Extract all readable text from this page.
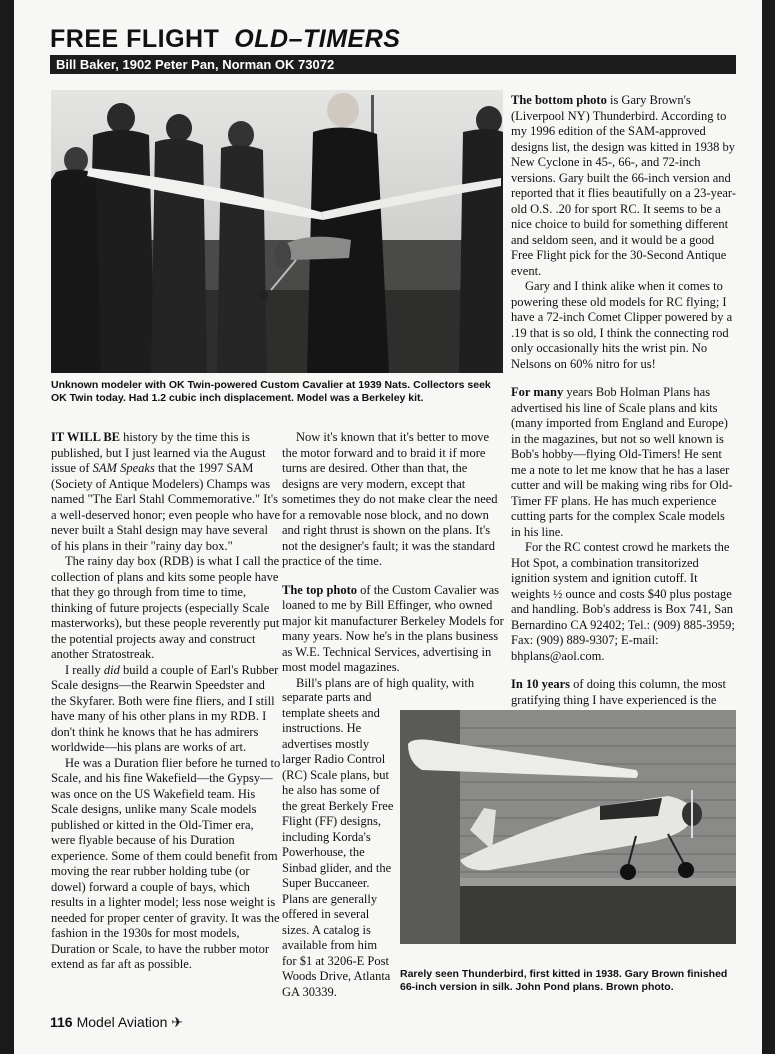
FREE FLIGHT OLD–TIMERS
Bill Baker, 1902 Peter Pan, Norman OK 73072
Unknown modeler with OK Twin-powered Custom Cavalier at 1939 Nats. Collectors seek OK Twin today. Had 1.2 cubic inch displacement. Model was a Berkeley kit.

IT WILL BE history by the time this is published, but I just learned via the August issue of SAM Speaks that the 1997 SAM (Society of Antique Modelers) Champs was named "The Earl Stahl Commemorative." It's a well-deserved honor; even people who have never built a Stahl design may have several of his plans in their "rainy day box."

The rainy day box (RDB) is what I call the collection of plans and kits some people have that they go through from time to time, thinking of future projects (especially Scale masterworks), but these people reverently put the potential projects away and construct another Stratostreak.

I really did build a couple of Earl's Rubber Scale designs—the Rearwin Speedster and the Skyfarer. Both were fine fliers, and I still have many of his other plans in my RDB. I don't think he knows that he has admirers worldwide—his plans are works of art.

He was a Duration flier before he turned to Scale, and his fine Wakefield—the Gypsy—was once on the US Wakefield team. His Scale designs, unlike many Scale models published or kitted in the Old-Timer era, were flyable because of his Duration experience. Some of them could benefit from moving the rear rubber holding tube (or dowel) forward a couple of bays, which results in a lighter model; less nose weight is needed for proper center of gravity. It was the fashion in the 1930s for most models, Duration or Scale, to have the rubber motor extend as far aft as possible.

Now it's known that it's better to move the motor forward and to braid it if more turns are desired. Other than that, the designs are very modern, except that sometimes they do not make clear the need for a removable nose block, and no down and right thrust is shown on the plans. It's not the designer's fault; it was the standard practice of the time.

The top photo of the Custom Cavalier was loaned to me by Bill Effinger, who owned major kit manufacturer Berkeley Models for many years. Now he's in the plans business as W.E. Technical Services, advertising in most model magazines.

Bill's plans are of high quality, with

separate parts and template sheets and instructions. He advertises mostly larger Radio Control (RC) Scale plans, but he also has some of the great Berkely Free Flight (FF) designs, including Korda's Powerhouse, the Sinbad glider, and the Super Buccaneer. Plans are generally offered in several sizes. A catalog is available from him for $1 at 3206-E Post Woods Drive, Atlanta GA 30339.

The bottom photo is Gary Brown's (Liverpool NY) Thunderbird. According to my 1996 edition of the SAM-approved designs list, the design was kitted in 1938 by New Cyclone in 45-, 66-, and 72-inch versions. Gary built the 66-inch version and reported that it flies beautifully on a 23-year-old O.S. .20 for sport RC. It seems to be a nice choice to build for something different and seldom seen, and it would be a good Free Flight pick for the 30-Second Antique event.

Gary and I think alike when it comes to powering these old models for RC flying; I have a 72-inch Comet Clipper powered by a .19 that is so old, I think the connecting rod only occasionally hits the wrist pin. No Nelsons on 60% nitro for us!

For many years Bob Holman Plans has advertised his line of Scale plans and kits (many imported from England and Europe) in the magazines, but not so well known is Bob's hobby—flying Old-Timers! He sent me a note to let me know that he has a laser cutter and will be making wing ribs for Old-Timer FF plans. He has much experience cutting parts for the complex Scale models in his line.

For the RC contest crowd he markets the Hot Spot, a combination transitorized ignition system and ignition cutoff. It weights ½ ounce and costs $40 plus postage and handling. Bob's address is Box 741, San Bernardino CA 92402; Tel.: (909) 885-3959; Fax: (909) 889-9307; E-mail: bhplans@aol.com.

In 10 years of doing this column, the most gratifying thing I have experienced is the

Rarely seen Thunderbird, first kitted in 1938. Gary Brown finished 66-inch version in silk. John Pond plans. Brown photo.
116 Model Aviation ✈
